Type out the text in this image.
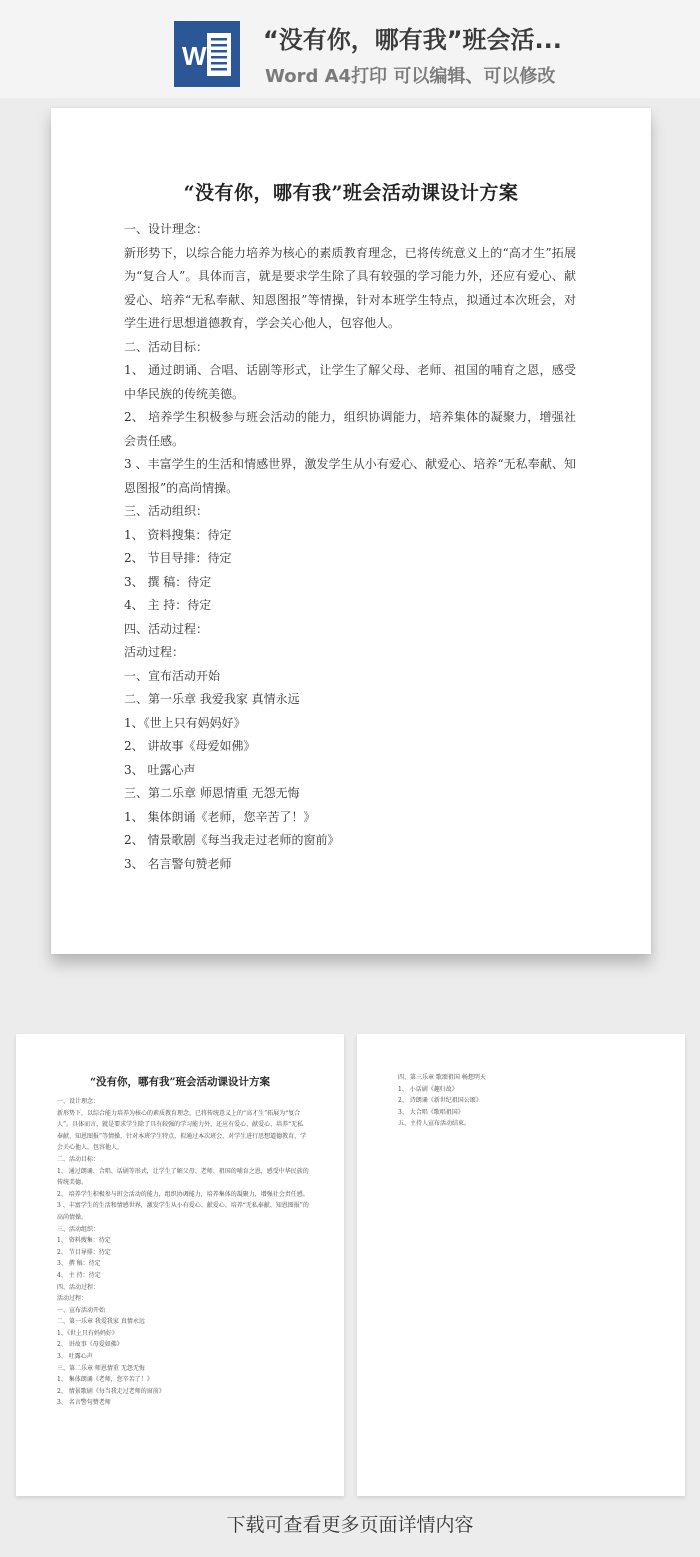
W
“没有你，哪有我”班会活...
Word A4打印 可以编辑、可以修改
“没有你，哪有我”班会活动课设计方案

一、设计理念：

新形势下，以综合能力培养为核心的素质教育理念，已将传统意义上的“高才生”拓展为“复合人”。具体而言，就是要求学生除了具有较强的学习能力外，还应有爱心、献爱心、培养“无私奉献、知恩图报”等情操，针对本班学生特点，拟通过本次班会，对学生进行思想道德教育，学会关心他人，包容他人。

二、活动目标：

1、 通过朗诵、合唱、话剧等形式，让学生了解父母、老师、祖国的哺育之恩，感受中华民族的传统美德。

2、 培养学生积极参与班会活动的能力，组织协调能力，培养集体的凝聚力，增强社会责任感。

3 、丰富学生的生活和情感世界，激发学生从小有爱心、献爱心、培养“无私奉献、知恩图报”的高尚情操。

三、活动组织：

1、 资料搜集：待定

2、 节目导排：待定

3、 撰 稿：待定

4、 主 持：待定

四、活动过程：

活动过程：

一、宣布活动开始

二、第一乐章 我爱我家 真情永远

1、《世上只有妈妈好》

2、 讲故事《母爱如佛》

3、 吐露心声

三、第二乐章 师恩情重 无怨无悔

1、 集体朗诵《老师，您辛苦了！》

2、 情景歌剧《每当我走过老师的窗前》

3、 名言警句赞老师

“没有你，哪有我”班会活动课设计方案

一、设计理念：

新形势下，以综合能力培养为核心的素质教育理念，已将传统意义上的“高才生”拓展为“复合人”。具体而言，就是要求学生除了具有较强的学习能力外，还应有爱心、献爱心、培养“无私奉献、知恩图报”等情操，针对本班学生特点，拟通过本次班会，对学生进行思想道德教育，学会关心他人，包容他人。

二、活动目标：

1、 通过朗诵、合唱、话剧等形式，让学生了解父母、老师、祖国的哺育之恩，感受中华民族的传统美德。

2、 培养学生积极参与班会活动的能力，组织协调能力，培养集体的凝聚力，增强社会责任感。

3 、丰富学生的生活和情感世界，激发学生从小有爱心、献爱心、培养“无私奉献、知恩图报”的高尚情操。

三、活动组织：

1、 资料搜集：待定

2、 节目导排：待定

3、 撰 稿：待定

4、 主 持：待定

四、活动过程：

活动过程：

一、宣布活动开始

二、第一乐章 我爱我家 真情永远

1、《世上只有妈妈好》

2、 讲故事《母爱如佛》

3、 吐露心声

三、第二乐章 师恩情重 无怨无悔

1、 集体朗诵《老师，您辛苦了！》

2、 情景歌剧《每当我走过老师的窗前》

3、 名言警句赞老师

四、第三乐章 歌颂祖国 畅想明天

1、 小话剧《趣归故》

2、 诗朗诵《新世纪祖国公颂》

3、 大合唱《歌唱祖国》

五、主持人宣布活动结束。

下载可查看更多页面详情内容
